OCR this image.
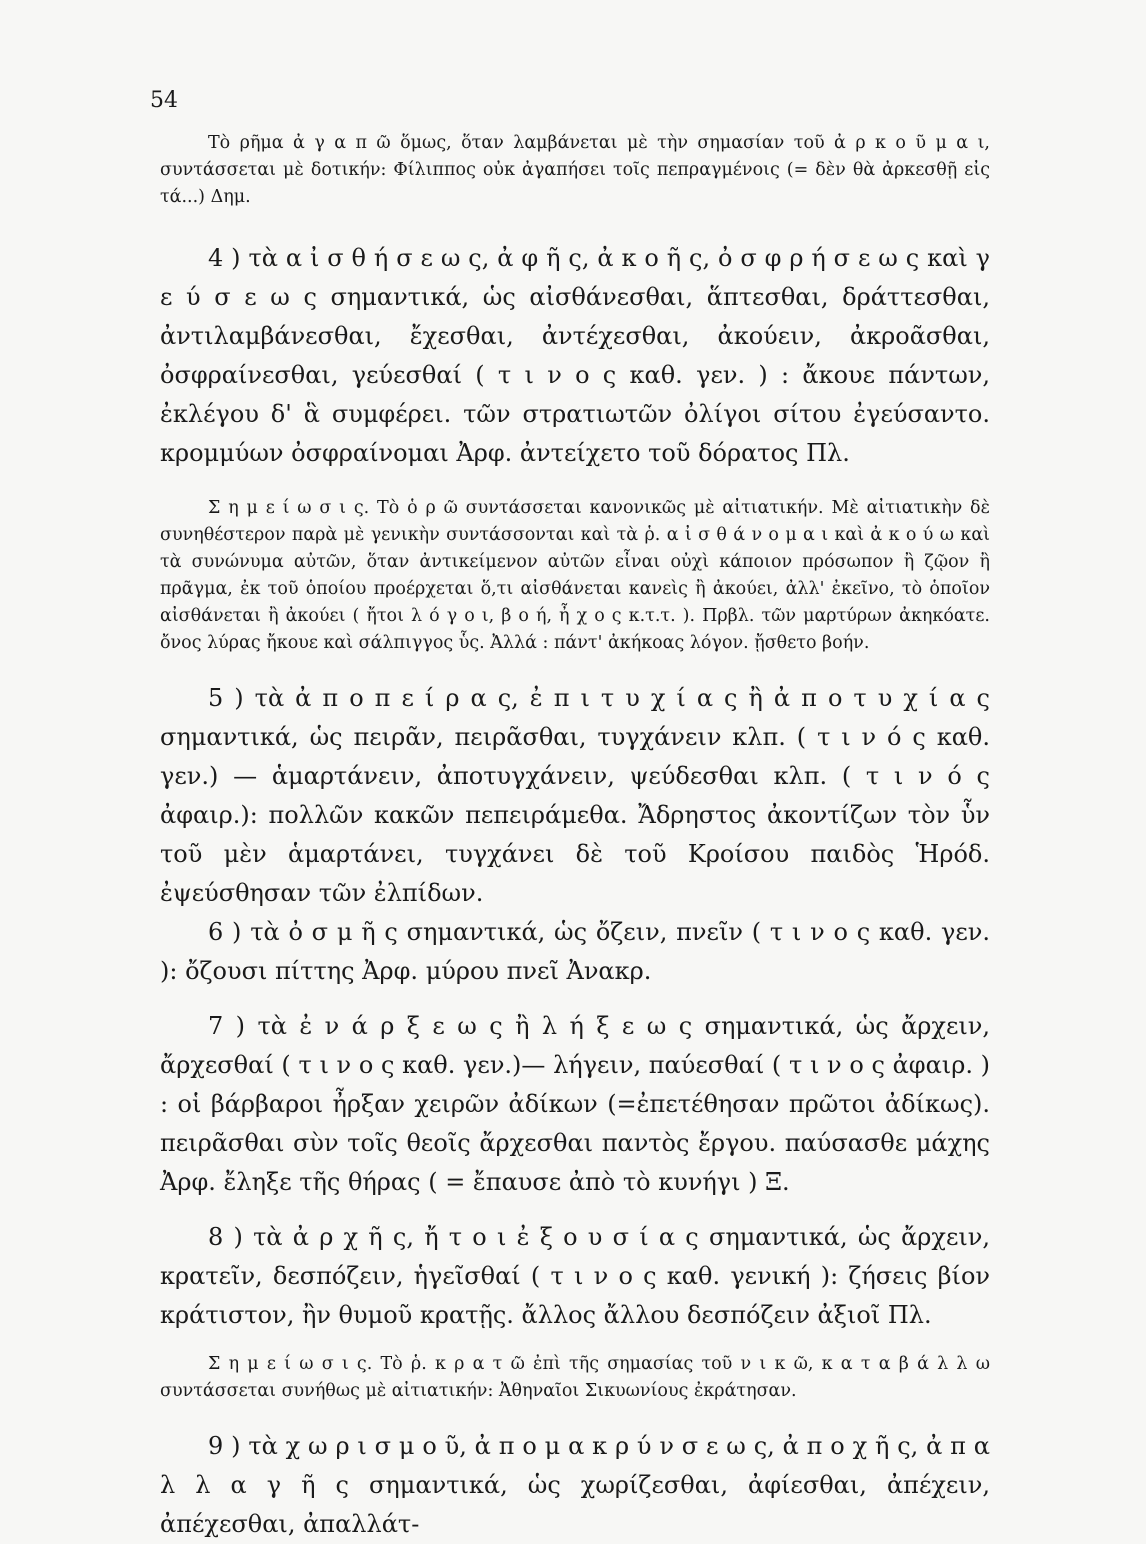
54

Τὸ ρῆμα ἀ γ α π ῶ ὅμως, ὅταν λαμβάνεται μὲ τὴν σημασίαν τοῦ ἀ ρ κ ο ῦ μ α ι, συντάσσεται μὲ δοτικήν: Φίλιππος οὐκ ἀγαπήσει τοῖς πεπραγμένοις (= δὲν θὰ ἀρκεσθῇ εἰς τά...) Δημ.

4 ) τὰ α ἰ σ θ ή σ ε ω ς, ἀ φ ῆ ς, ἀ κ ο ῆ ς, ὀ σ φ ρ ή σ ε ω ς καὶ γ ε ύ σ ε ω ς σημαντικά, ὡς αἰσθάνεσθαι, ἅπτεσθαι, δράττεσθαι, ἀντιλαμβάνεσθαι, ἔχεσθαι, ἀντέχεσθαι, ἀκούειν, ἀκροᾶσθαι, ὀσφραίνεσθαι, γεύεσθαί ( τ ι ν ο ς καθ. γεν. ) : ἄκουε πάντων, ἐκλέγου δ' ἃ συμφέρει. τῶν στρατιωτῶν ὀλίγοι σίτου ἐγεύσαντο. κρομμύων ὀσφραίνομαι Ἀρφ. ἀντείχετο τοῦ δόρατος Πλ.

Σ η μ ε ί ω σ ι ς. Τὸ ὁ ρ ῶ συντάσσεται κανονικῶς μὲ αἰτιατικήν. Μὲ αἰτιατικὴν δὲ συνηθέστερον παρὰ μὲ γενικὴν συντάσσονται καὶ τὰ ῥ. α ἰ σ θ ά ν ο μ α ι καὶ ἀ κ ο ύ ω καὶ τὰ συνώνυμα αὐτῶν, ὅταν ἀντικείμενον αὐτῶν εἶναι οὐχὶ κάποιον πρόσωπον ἢ ζῷον ἢ πρᾶγμα, ἐκ τοῦ ὁποίου προέρχεται ὅ,τι αἰσθάνεται κανεὶς ἢ ἀκούει, ἀλλ' ἐκεῖνο, τὸ ὁποῖον αἰσθάνεται ἢ ἀκούει ( ἤτοι λ ό γ ο ι, β ο ή, ἦ χ ο ς κ.τ.τ. ). Πρβλ. τῶν μαρτύρων ἀκηκόατε. ὄνος λύρας ἤκουε καὶ σάλπιγγος ὗς. Ἀλλά : πάντ' ἀκήκοας λόγον. ᾔσθετο βοήν.

5 ) τὰ ἀ π ο π ε ί ρ α ς, ἐ π ι τ υ χ ί α ς ἢ ἀ π ο τ υ χ ί α ς σημαντικά, ὡς πειρᾶν, πειρᾶσθαι, τυγχάνειν κλπ. ( τ ι ν ό ς καθ. γεν.) — ἁμαρτάνειν, ἀποτυγχάνειν, ψεύδεσθαι κλπ. ( τ ι ν ό ς ἀφαιρ.): πολλῶν κακῶν πεπειράμεθα. Ἄδρηστος ἀκοντίζων τὸν ὗν τοῦ μὲν ἁμαρτάνει, τυγχάνει δὲ τοῦ Κροίσου παιδὸς Ἡρόδ. ἐψεύσθησαν τῶν ἐλπίδων.

6 ) τὰ ὀ σ μ ῆ ς σημαντικά, ὡς ὄζειν, πνεῖν ( τ ι ν ο ς καθ. γεν. ): ὄζουσι πίττης Ἀρφ. μύρου πνεῖ Ἀνακρ.

7 ) τὰ ἐ ν ά ρ ξ ε ω ς ἢ λ ή ξ ε ω ς σημαντικά, ὡς ἄρχειν, ἄρχεσθαί ( τ ι ν ο ς καθ. γεν.)— λήγειν, παύεσθαί ( τ ι ν ο ς ἀφαιρ. ) : οἱ βάρβαροι ἦρξαν χειρῶν ἀδίκων (=ἐπετέθησαν πρῶτοι ἀδίκως). πειρᾶσθαι σὺν τοῖς θεοῖς ἄρχεσθαι παντὸς ἔργου. παύσασθε μάχης Ἀρφ. ἔληξε τῆς θήρας ( = ἔπαυσε ἀπὸ τὸ κυνήγι ) Ξ.

8 ) τὰ ἀ ρ χ ῆ ς, ἤ τ ο ι ἐ ξ ο υ σ ί α ς σημαντικά, ὡς ἄρχειν, κρατεῖν, δεσπόζειν, ἡγεῖσθαί ( τ ι ν ο ς καθ. γενική ): ζήσεις βίον κράτιστον, ἢν θυμοῦ κρατῇς. ἄλλος ἄλλου δεσπόζειν ἀξιοῖ Πλ.

Σ η μ ε ί ω σ ι ς. Τὸ ῥ. κ ρ α τ ῶ ἐπὶ τῆς σημασίας τοῦ ν ι κ ῶ, κ α τ α β ά λ λ ω συντάσσεται συνήθως μὲ αἰτιατικήν: Ἀθηναῖοι Σικυωνίους ἐκράτησαν.

9 ) τὰ χ ω ρ ι σ μ ο ῦ, ἀ π ο μ α κ ρ ύ ν σ ε ω ς, ἀ π ο χ ῆ ς, ἀ π α λ λ α γ ῆ ς σημαντικά, ὡς χωρίζεσθαι, ἀφίεσθαι, ἀπέχειν, ἀπέχεσθαι, ἀπαλλάτ-
